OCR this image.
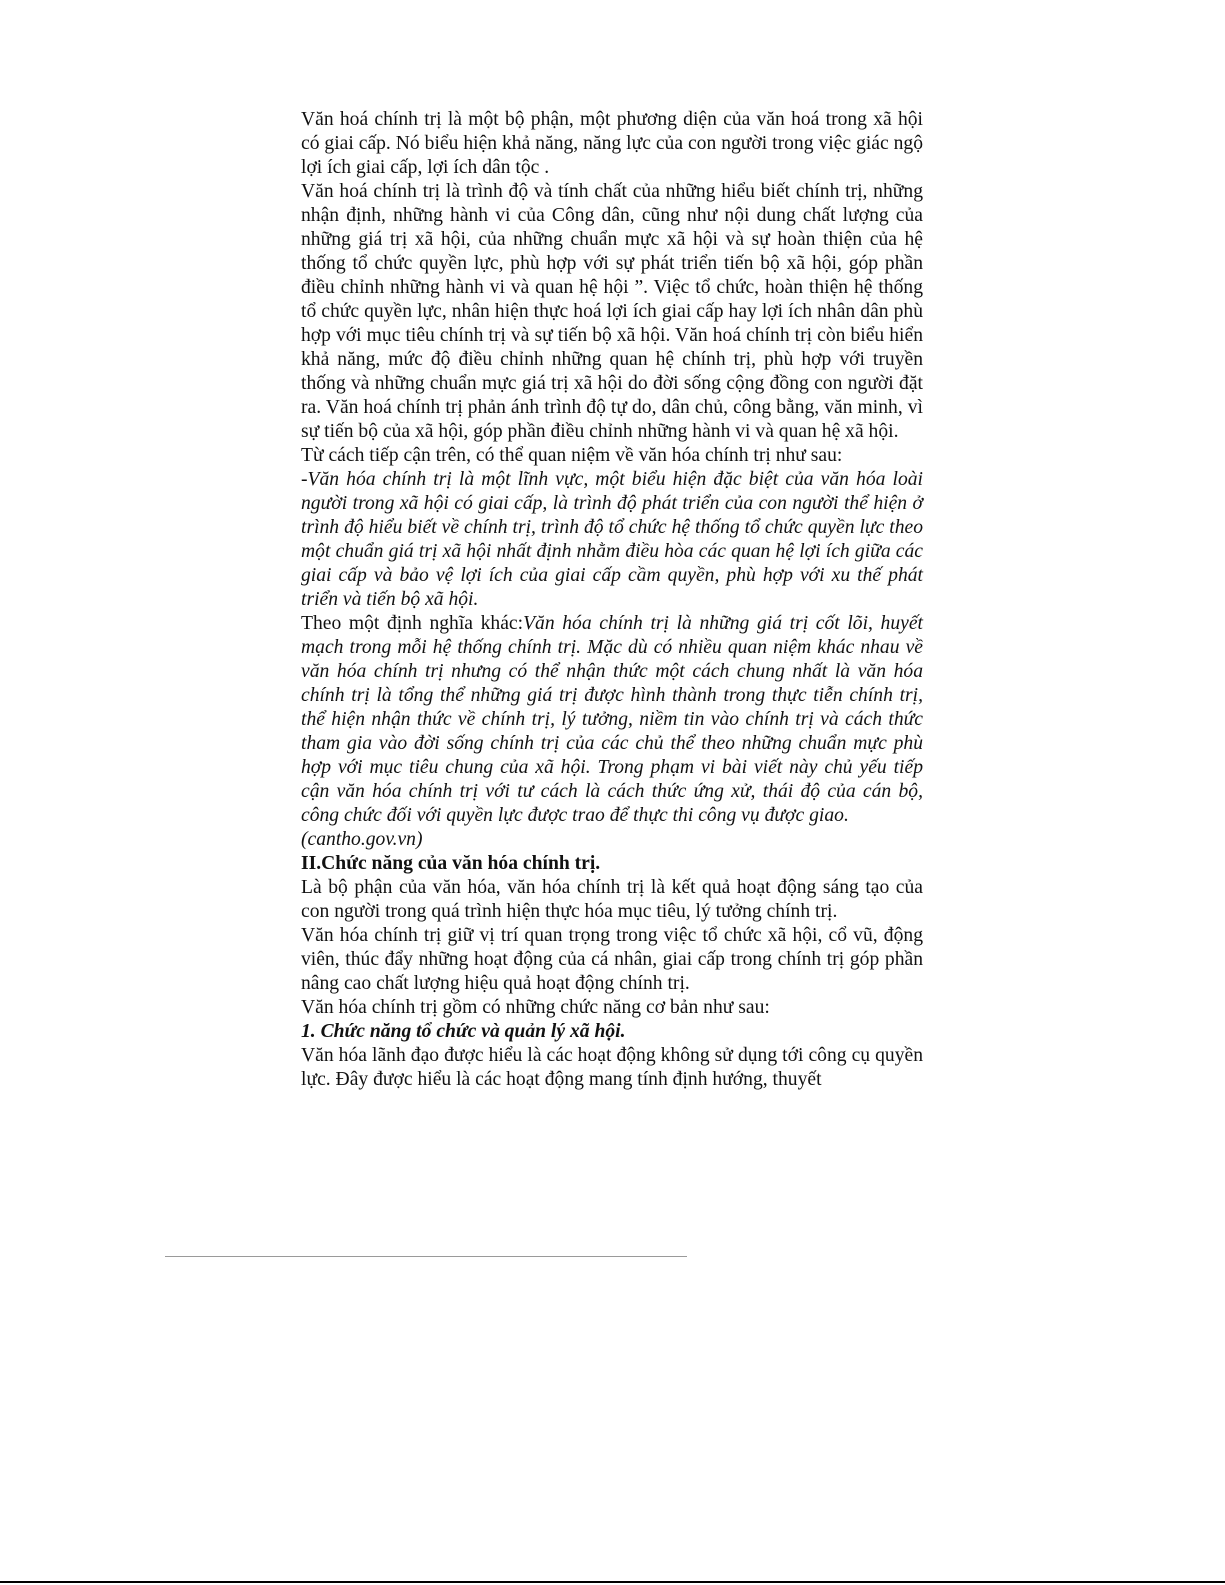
Văn hoá chính trị là một bộ phận, một phương diện của văn hoá trong xã hội có giai cấp. Nó biểu hiện khả năng, năng lực của con người trong việc giác ngộ lợi ích giai cấp, lợi ích dân tộc .

Văn hoá chính trị là trình độ và tính chất của những hiểu biết chính trị, những nhận định, những hành vi của Công dân, cũng như nội dung chất lượng của những giá trị xã hội, của những chuẩn mực xã hội và sự hoàn thiện của hệ thống tổ chức quyền lực, phù hợp với sự phát triển tiến bộ xã hội, góp phần điều chỉnh những hành vi và quan hệ hội ”. Việc tổ chức, hoàn thiện hệ thống tổ chức quyền lực, nhân hiện thực hoá lợi ích giai cấp hay lợi ích nhân dân phù hợp với mục tiêu chính trị và sự tiến bộ xã hội. Văn hoá chính trị còn biểu hiển khả năng, mức độ điều chỉnh những quan hệ chính trị, phù hợp với truyền thống và những chuẩn mực giá trị xã hội do đời sống cộng đồng con người đặt ra. Văn hoá chính trị phản ánh trình độ tự do, dân chủ, công bằng, văn minh, vì sự tiến bộ của xã hội, góp phần điều chỉnh những hành vi và quan hệ xã hội.

Từ cách tiếp cận trên, có thể quan niệm về văn hóa chính trị như sau:

-Văn hóa chính trị là một lĩnh vực, một biểu hiện đặc biệt của văn hóa loài người trong xã hội có giai cấp, là trình độ phát triển của con người thể hiện ở trình độ hiểu biết về chính trị, trình độ tổ chức hệ thống tổ chức quyền lực theo một chuẩn giá trị xã hội nhất định nhằm điều hòa các quan hệ lợi ích giữa các giai cấp và bảo vệ lợi ích của giai cấp cầm quyền, phù hợp với xu thế phát triển và tiến bộ xã hội.

Theo một định nghĩa khác:Văn hóa chính trị là những giá trị cốt lõi, huyết mạch trong mỗi hệ thống chính trị. Mặc dù có nhiều quan niệm khác nhau về văn hóa chính trị nhưng có thể nhận thức một cách chung nhất là văn hóa chính trị là tổng thể những giá trị được hình thành trong thực tiễn chính trị, thể hiện nhận thức về chính trị, lý tưởng, niềm tin vào chính trị và cách thức tham gia vào đời sống chính trị của các chủ thể theo những chuẩn mực phù hợp với mục tiêu chung của xã hội. Trong phạm vi bài viết này chủ yếu tiếp cận văn hóa chính trị với tư cách là cách thức ứng xử, thái độ của cán bộ, công chức đối với quyền lực được trao để thực thi công vụ được giao.

(cantho.gov.vn)

II.Chức năng của văn hóa chính trị.

Là bộ phận của văn hóa, văn hóa chính trị là kết quả hoạt động sáng tạo của con người trong quá trình hiện thực hóa mục tiêu, lý tưởng chính trị.

Văn hóa chính trị giữ vị trí quan trọng trong việc tổ chức xã hội, cổ vũ, động viên, thúc đẩy những hoạt động của cá nhân, giai cấp trong chính trị góp phần nâng cao chất lượng hiệu quả hoạt động chính trị.

Văn hóa chính trị gồm có những chức năng cơ bản như sau:

1. Chức năng tổ chức và quản lý xã hội.

Văn hóa lãnh đạo được hiểu là các hoạt động không sử dụng tới công cụ quyền lực. Đây được hiểu là các hoạt động mang tính định hướng, thuyết
